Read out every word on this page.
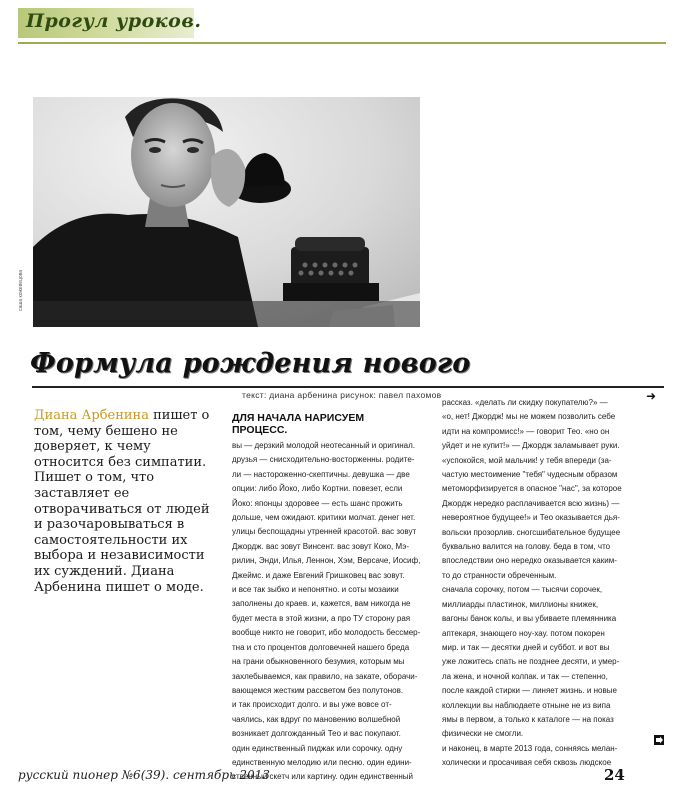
Прогул уроков.
саша кожевецова
Формула рождения нового
текст: диана арбенина рисунок: павел пахомов	➜
Диана Арбенина пишет о том, чему бешено не доверяет, к чему относится без симпатии. Пишет о том, что заставляет ее отворачиваться от людей и разочаровываться в самостоятельности их выбора и независимости их суждений. Диана Арбенина пишет о моде.
ДЛЯ НАЧАЛА НАРИСУЕМ
ПРОЦЕСС.
вы — дерзкий молодой неотесанный и оригинал.
друзья — снисходительно-восторженны. родите-
ли — настороженно-скептичны. девушка — две
опции: либо Йоко, либо Кортни. повезет, если
Йоко: японцы здоровее — есть шанс прожить
дольше, чем ожидают. критики молчат. денег нет.
улицы беспощадны утренней красотой. вас зовут
Джордж. вас зовут Винсент. вас зовут Коко, Мэ-
рилин, Энди, Илья, Леннон, Хэм, Версаче, Иосиф,
Джеймс. и даже Евгений Гришковец вас зовут.
и все так зыбко и непонятно. и соты мозаики
заполнены до краев. и, кажется, вам никогда не
будет места в этой жизни, а про ТУ сторону рая
вообще никто не говорит, ибо молодость бессмер-
тна и сто процентов долговечней нашего бреда
на грани обыкновенного безумия, которым мы
захлебываемся, как правило, на закате, оборачи-
вающемся жестким рассветом без полутонов.
и так происходит долго. и вы уже вовсе от-
чаялись, как вдруг по мановению волшебной
возникает долгожданный Тео и вас покупают.
один единственный пиджак или сорочку. одну
единственную мелодию или песню. один едини-
ственный скетч или картину. один единственный
рассказ. «делать ли скидку покупателю?» —
«о, нет! Джордж! мы не можем позволить себе
идти на компромисс!» — говорит Тео. «но он
уйдет и не купит!» — Джордж заламывает руки.
«успокойся, мой мальчик! у тебя впереди (за-
частую местоимение "тебя" чудесным образом
метоморфизируется в опасное "нас", за которое
Джордж нередко расплачивается всю жизнь) —
невероятное будущее!» и Тео оказывается дья-
вольски прозорлив. сногсшибательное будущее
буквально валится на голову. беда в том, что
впоследствии оно нередко оказывается каким-
то до странности обреченным.
сначала сорочку, потом — тысячи сорочек,
миллиарды пластинок, миллионы книжек,
вагоны банок колы, и вы убиваете племянника
аптекаря, знающего ноу-хау. потом покорен
мир. и так — десятки дней и суббот. и вот вы
уже ложитесь спать не позднее десяти, и умер-
ла жена, и ночной колпак. и так — степенно,
после каждой стирки — линяет жизнь. и новые
коллекции вы наблюдаете отныне не из випа
ямы в первом, а только к каталоге — на показ
физически не смогли.
и наконец, в марте 2013 года, сонняясь мелан-
холически и просачивая себя сквозь людское
русский пионер №6(39). сентябрь 2013	24
